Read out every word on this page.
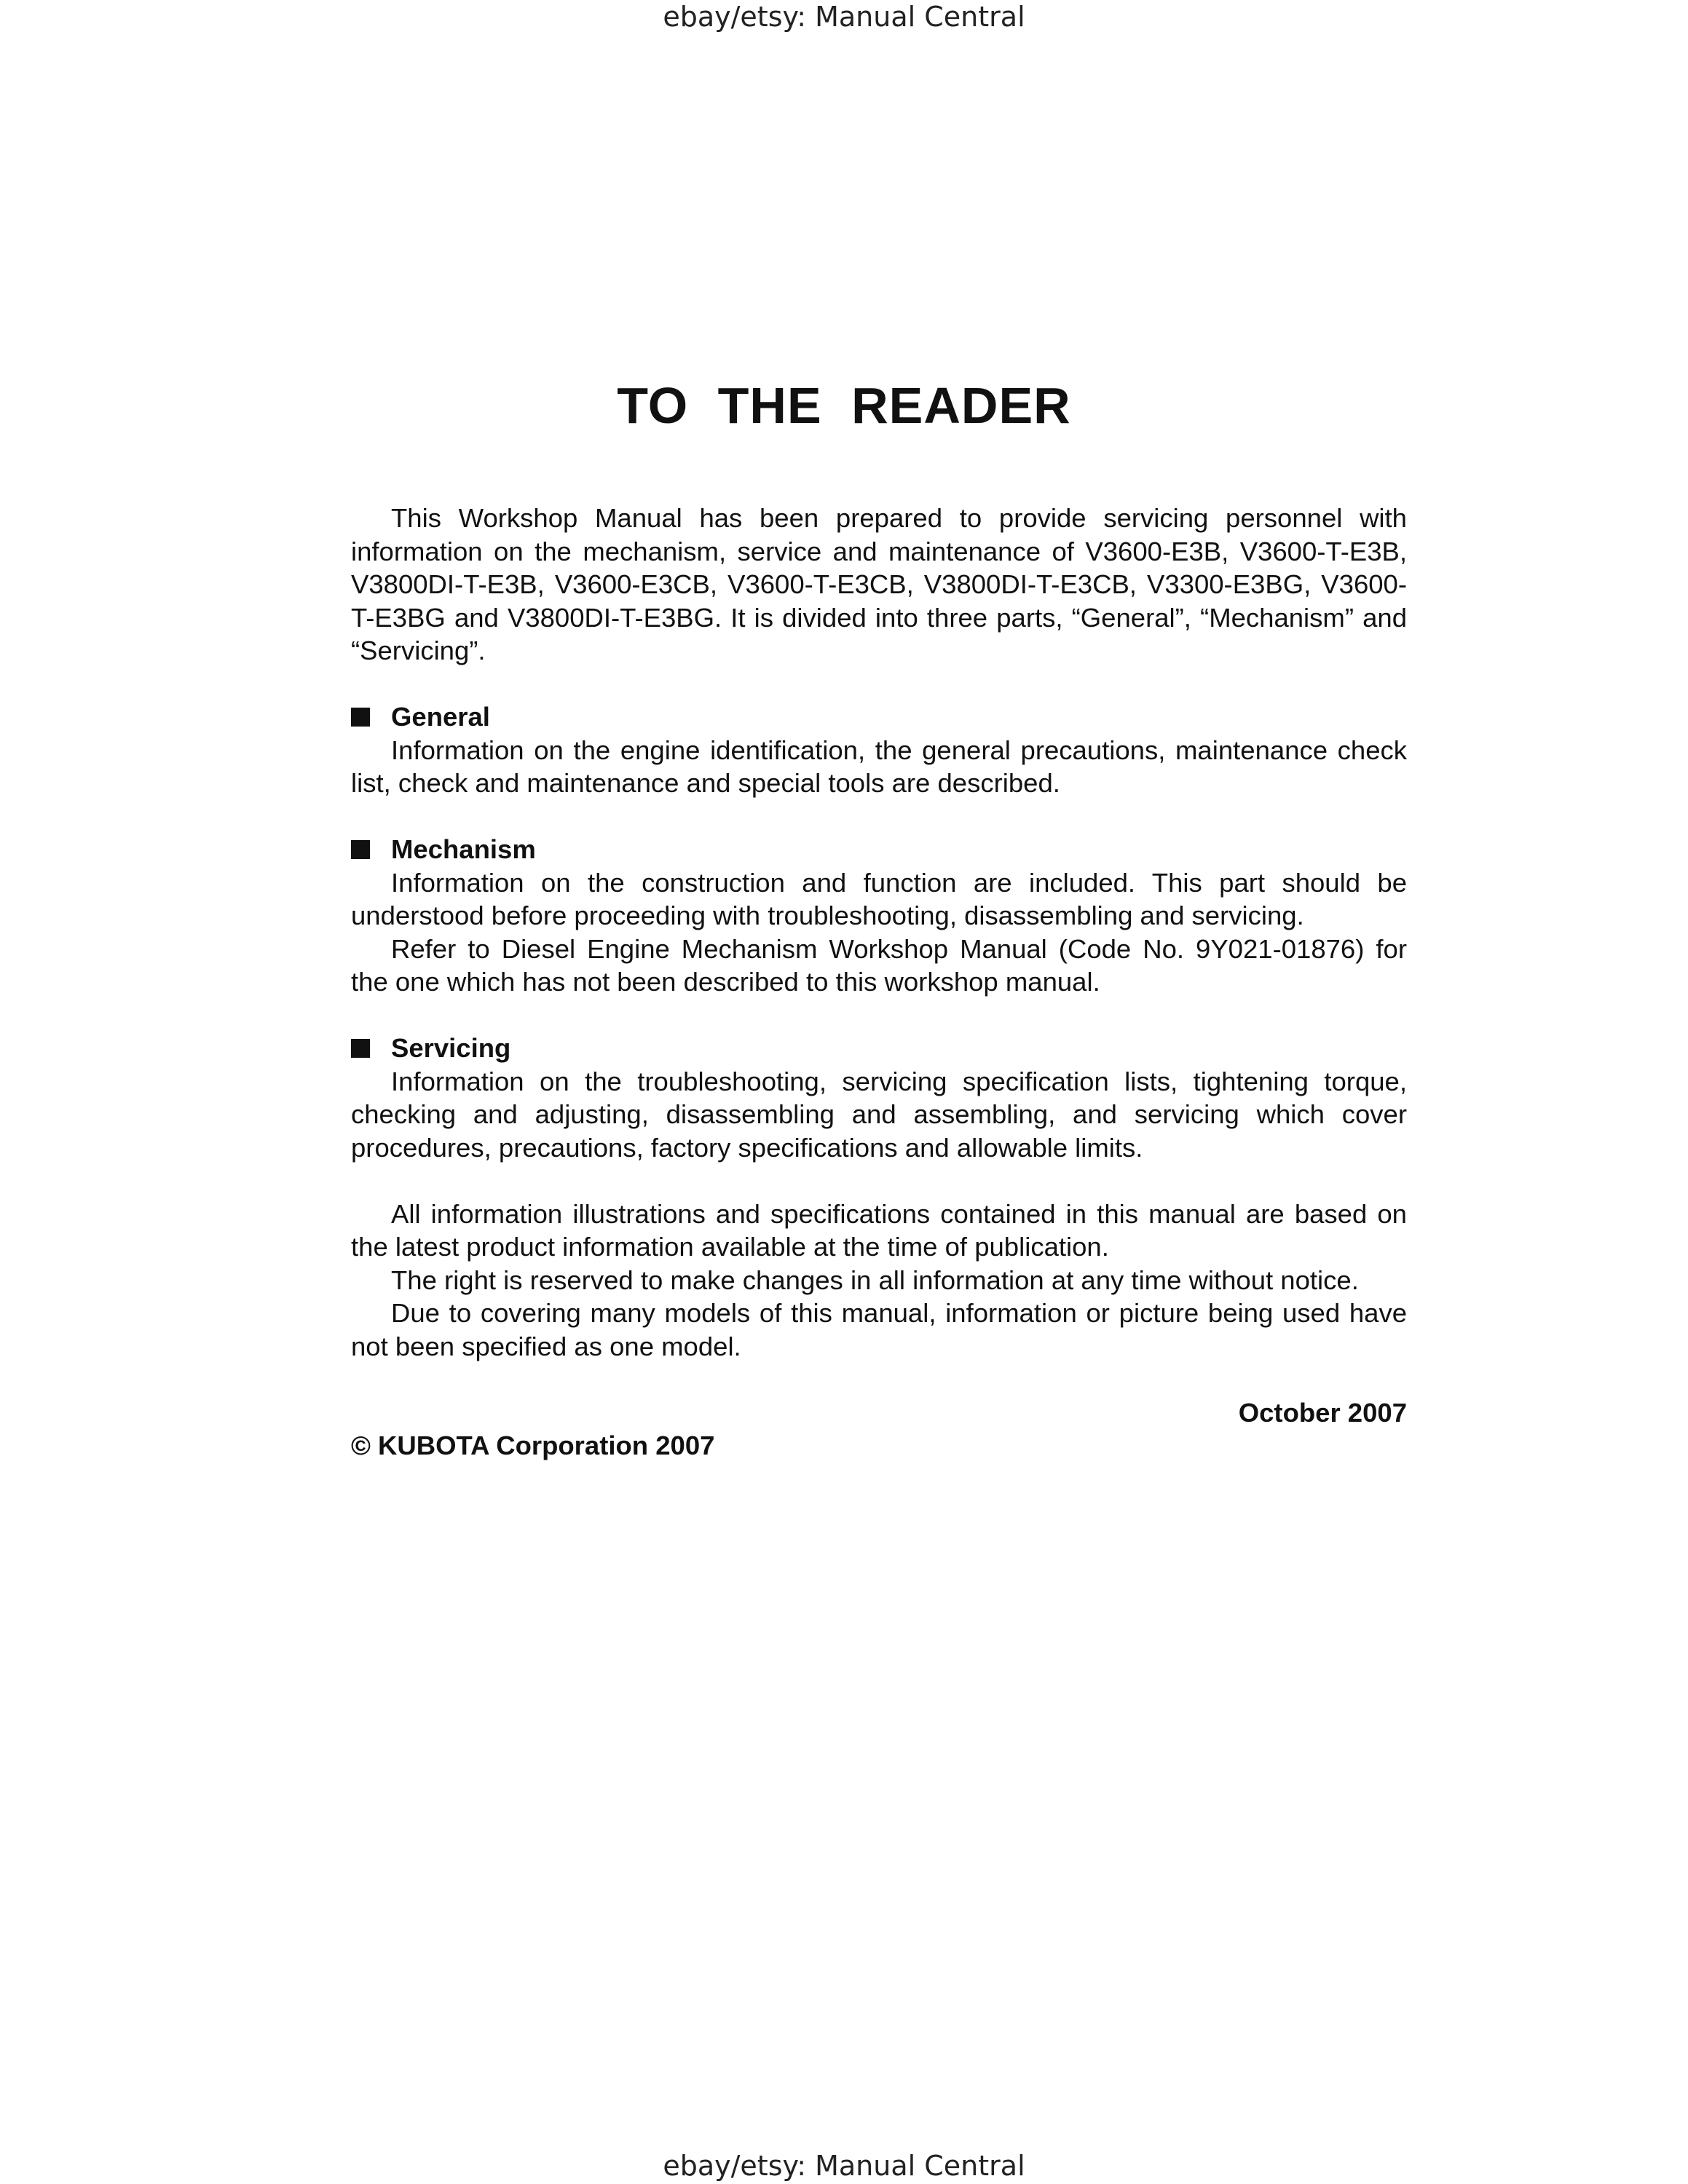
ebay/etsy: Manual Central
TO THE READER

This Workshop Manual has been prepared to provide servicing personnel with information on the mechanism, service and maintenance of V3600-E3B, V3600-T-E3B, V3800DI-T-E3B, V3600-E3CB, V3600-T-E3CB, V3800DI-T-E3CB, V3300-E3BG, V3600-T-E3BG and V3800DI-T-E3BG. It is divided into three parts, “General”, “Mechanism” and “Servicing”.

General

Information on the engine identification, the general precautions, maintenance check list, check and maintenance and special tools are described.

Mechanism

Information on the construction and function are included. This part should be understood before proceeding with troubleshooting, disassembling and servicing.

Refer to Diesel Engine Mechanism Workshop Manual (Code No. 9Y021-01876) for the one which has not been described to this workshop manual.

Servicing

Information on the troubleshooting, servicing specification lists, tightening torque, checking and adjusting, disassembling and assembling, and servicing which cover procedures, precautions, factory specifications and allowable limits.

All information illustrations and specifications contained in this manual are based on the latest product information available at the time of publication.

The right is reserved to make changes in all information at any time without notice.

Due to covering many models of this manual, information or picture being used have not been specified as one model.

October 2007

© KUBOTA Corporation 2007

ebay/etsy: Manual Central
